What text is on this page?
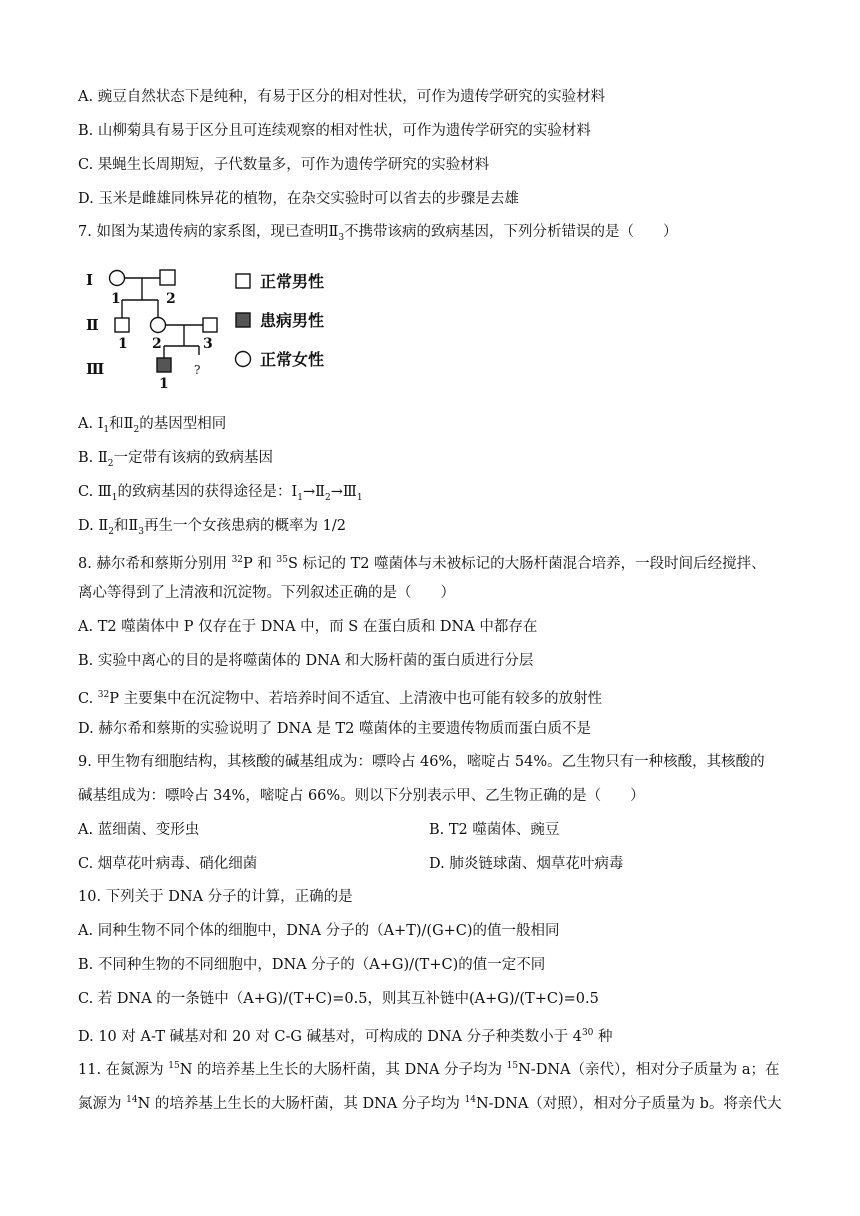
A. 豌豆自然状态下是纯种，有易于区分的相对性状，可作为遗传学研究的实验材料
B. 山柳菊具有易于区分且可连续观察的相对性状，可作为遗传学研究的实验材料
C. 果蝇生长周期短，子代数量多，可作为遗传学研究的实验材料
D. 玉米是雌雄同株异花的植物，在杂交实验时可以省去的步骤是去雄
7. 如图为某遗传病的家系图，现已查明$Ⅱ_3$不携带该病的致病基因，下列分析错误的是（　　）
Ⅰ
Ⅱ
Ⅲ
1	2
1 2	3
1
?
正常男性
患病男性
正常女性
A. $Ⅰ_1$和$Ⅱ_2$的基因型相同
B. $Ⅱ_2$一定带有该病的致病基因
C. $Ⅲ_1$的致病基因的获得途径是：$Ⅰ_1\to Ⅱ_2\to Ⅲ_1$
D. $Ⅱ_2$和$Ⅱ_3$再生一个女孩患病的概率为 1/2
8. 赫尔希和蔡斯分别用 $^{32}$P 和 $^{35}$S 标记的 T2 噬菌体与未被标记的大肠杆菌混合培养，一段时间后经搅拌、
离心等得到了上清液和沉淀物。下列叙述正确的是（　　）
A. T2 噬菌体中 P 仅存在于 DNA 中，而 S 在蛋白质和 DNA 中都存在
B. 实验中离心的目的是将噬菌体的 DNA 和大肠杆菌的蛋白质进行分层
C. $^{32}$P 主要集中在沉淀物中、若培养时间不适宜、上清液中也可能有较多的放射性
D. 赫尔希和蔡斯的实验说明了 DNA 是 T2 噬菌体的主要遗传物质而蛋白质不是
9. 甲生物有细胞结构，其核酸的碱基组成为：嘌呤占 46%，嘧啶占 54%。乙生物只有一种核酸，其核酸的
碱基组成为：嘌呤占 34%，嘧啶占 66%。则以下分别表示甲、乙生物正确的是（　　）
A. 蓝细菌、变形虫	B. T2 噬菌体、豌豆
C. 烟草花叶病毒、硝化细菌	D. 肺炎链球菌、烟草花叶病毒
10. 下列关于 DNA 分子的计算，正确的是
A. 同种生物不同个体的细胞中，DNA 分子的（A+T)/(G+C)的值一般相同
B. 不同种生物的不同细胞中，DNA 分子的（A+G)/(T+C)的值一定不同
C. 若 DNA 的一条链中（A+G)/(T+C)=0.5，则其互补链中(A+G)/(T+C)=0.5
D. 10 对 A-T 碱基对和 20 对 C-G 碱基对，可构成的 DNA 分子种类数小于 $4^{30}$ 种
11. 在氮源为 $^{15}$N 的培养基上生长的大肠杆菌，其 DNA 分子均为 $^{15}$N-DNA（亲代），相对分子质量为 a；在
氮源为 $^{14}$N 的培养基上生长的大肠杆菌，其 DNA 分子均为 $^{14}$N-DNA（对照），相对分子质量为 b。将亲代大
